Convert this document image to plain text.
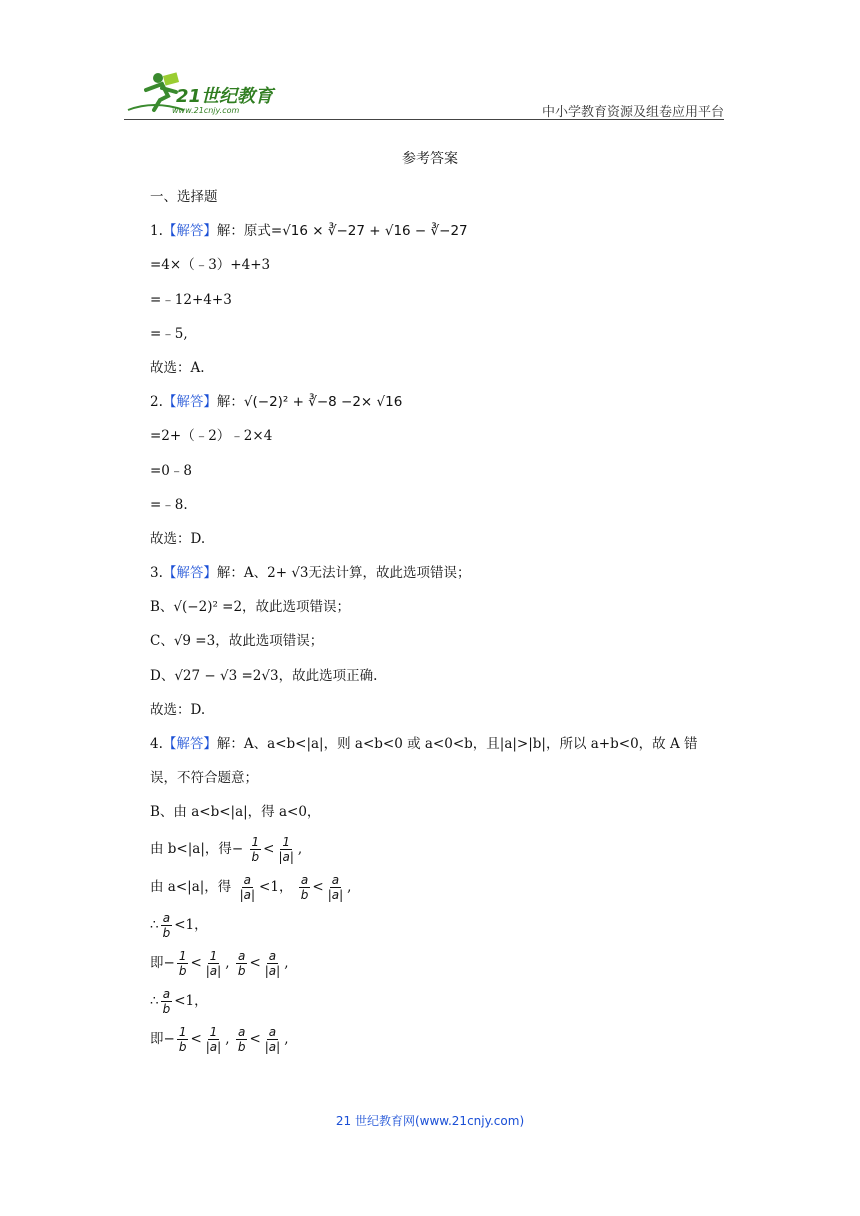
21世纪教育
www.21cnjy.com	中小学教育资源及组卷应用平台
参考答案
一、选择题
1.【解答】解：原式=√16 × ∛−27 + √16 − ∛−27
=4×（﹣3）+4+3
=﹣12+4+3
=﹣5,
故选：A.
2.【解答】解：√(−2)² + ∛−8 −2× √16
=2+（﹣2）﹣2×4
=0﹣8
=﹣8.
故选：D.
3.【解答】解：A、2+ √3无法计算，故此选项错误；
B、√(−2)² =2，故此选项错误；
C、√9 =3，故此选项错误；
D、√27 − √3 =2√3，故此选项正确.
故选：D.
4.【解答】解：A、a<b<|a|，则 a<b<0 或 a<0<b，且|a|>|b|，所以 a+b<0，故 A 错
误，不符合题意；
B、由 a<b<|a|，得 a<0，
由 b<|a|，得− $\frac{1}{b} < \frac{1}{|a|}$ ,
由 a<|a|，得 $\frac{a}{|a|} <1$， $\frac{a}{b} < \frac{a}{|a|}$ ,
∴ $\frac{a}{b} <1$，
即− $\frac{1}{b} < \frac{1}{|a|}$ , $\frac{a}{b} < \frac{a}{|a|}$ ,
∴ $\frac{a}{b} <1$，
即− $\frac{1}{b} < \frac{1}{|a|}$ , $\frac{a}{b} < \frac{a}{|a|}$ ,
21 世纪教育网(www.21cnjy.com)
